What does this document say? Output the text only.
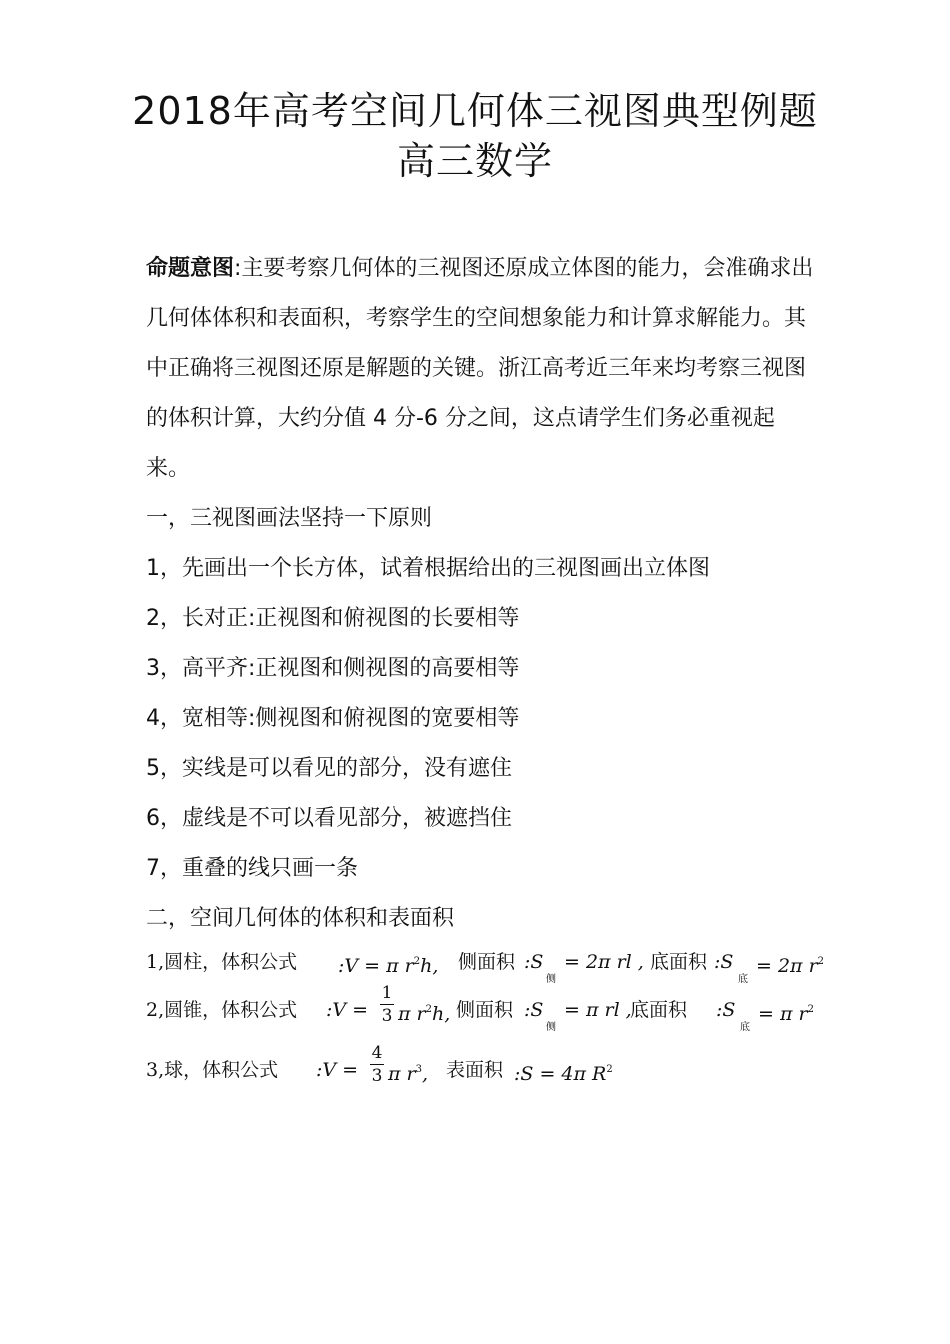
2018年高考空间几何体三视图典型例题
高三数学
命题意图:主要考察几何体的三视图还原成立体图的能力，会准确求出几何体体积和表面积，考察学生的空间想象能力和计算求解能力。其中正确将三视图还原是解题的关键。浙江高考近三年来均考察三视图的体积计算，大约分值 4 分-6 分之间，这点请学生们务必重视起来。
一，三视图画法坚持一下原则
1，先画出一个长方体，试着根据给出的三视图画出立体图
2，长对正:正视图和俯视图的长要相等
3，高平齐:正视图和侧视图的高要相等
4，宽相等:侧视图和俯视图的宽要相等
5，实线是可以看见的部分，没有遮住
6，虚线是不可以看见部分，被遮挡住
7，重叠的线只画一条
二，空间几何体的体积和表面积
1,圆柱，体积公式 :V = π $r^2h$, 侧面积 :S
侧
= 2π rl , 底面积 :S
底
= 2π $r^2$
2,圆锥，体积公式 :V = $\frac{1}{3}$ π $r^2h$, 侧面积 :S
侧
= π rl ,
底面积 :S
底
= π $r^2$
3,球，体积公式 :V = $\frac{4}{3}$ π $r^3$, 表面积 :S = 4π $R^2$
